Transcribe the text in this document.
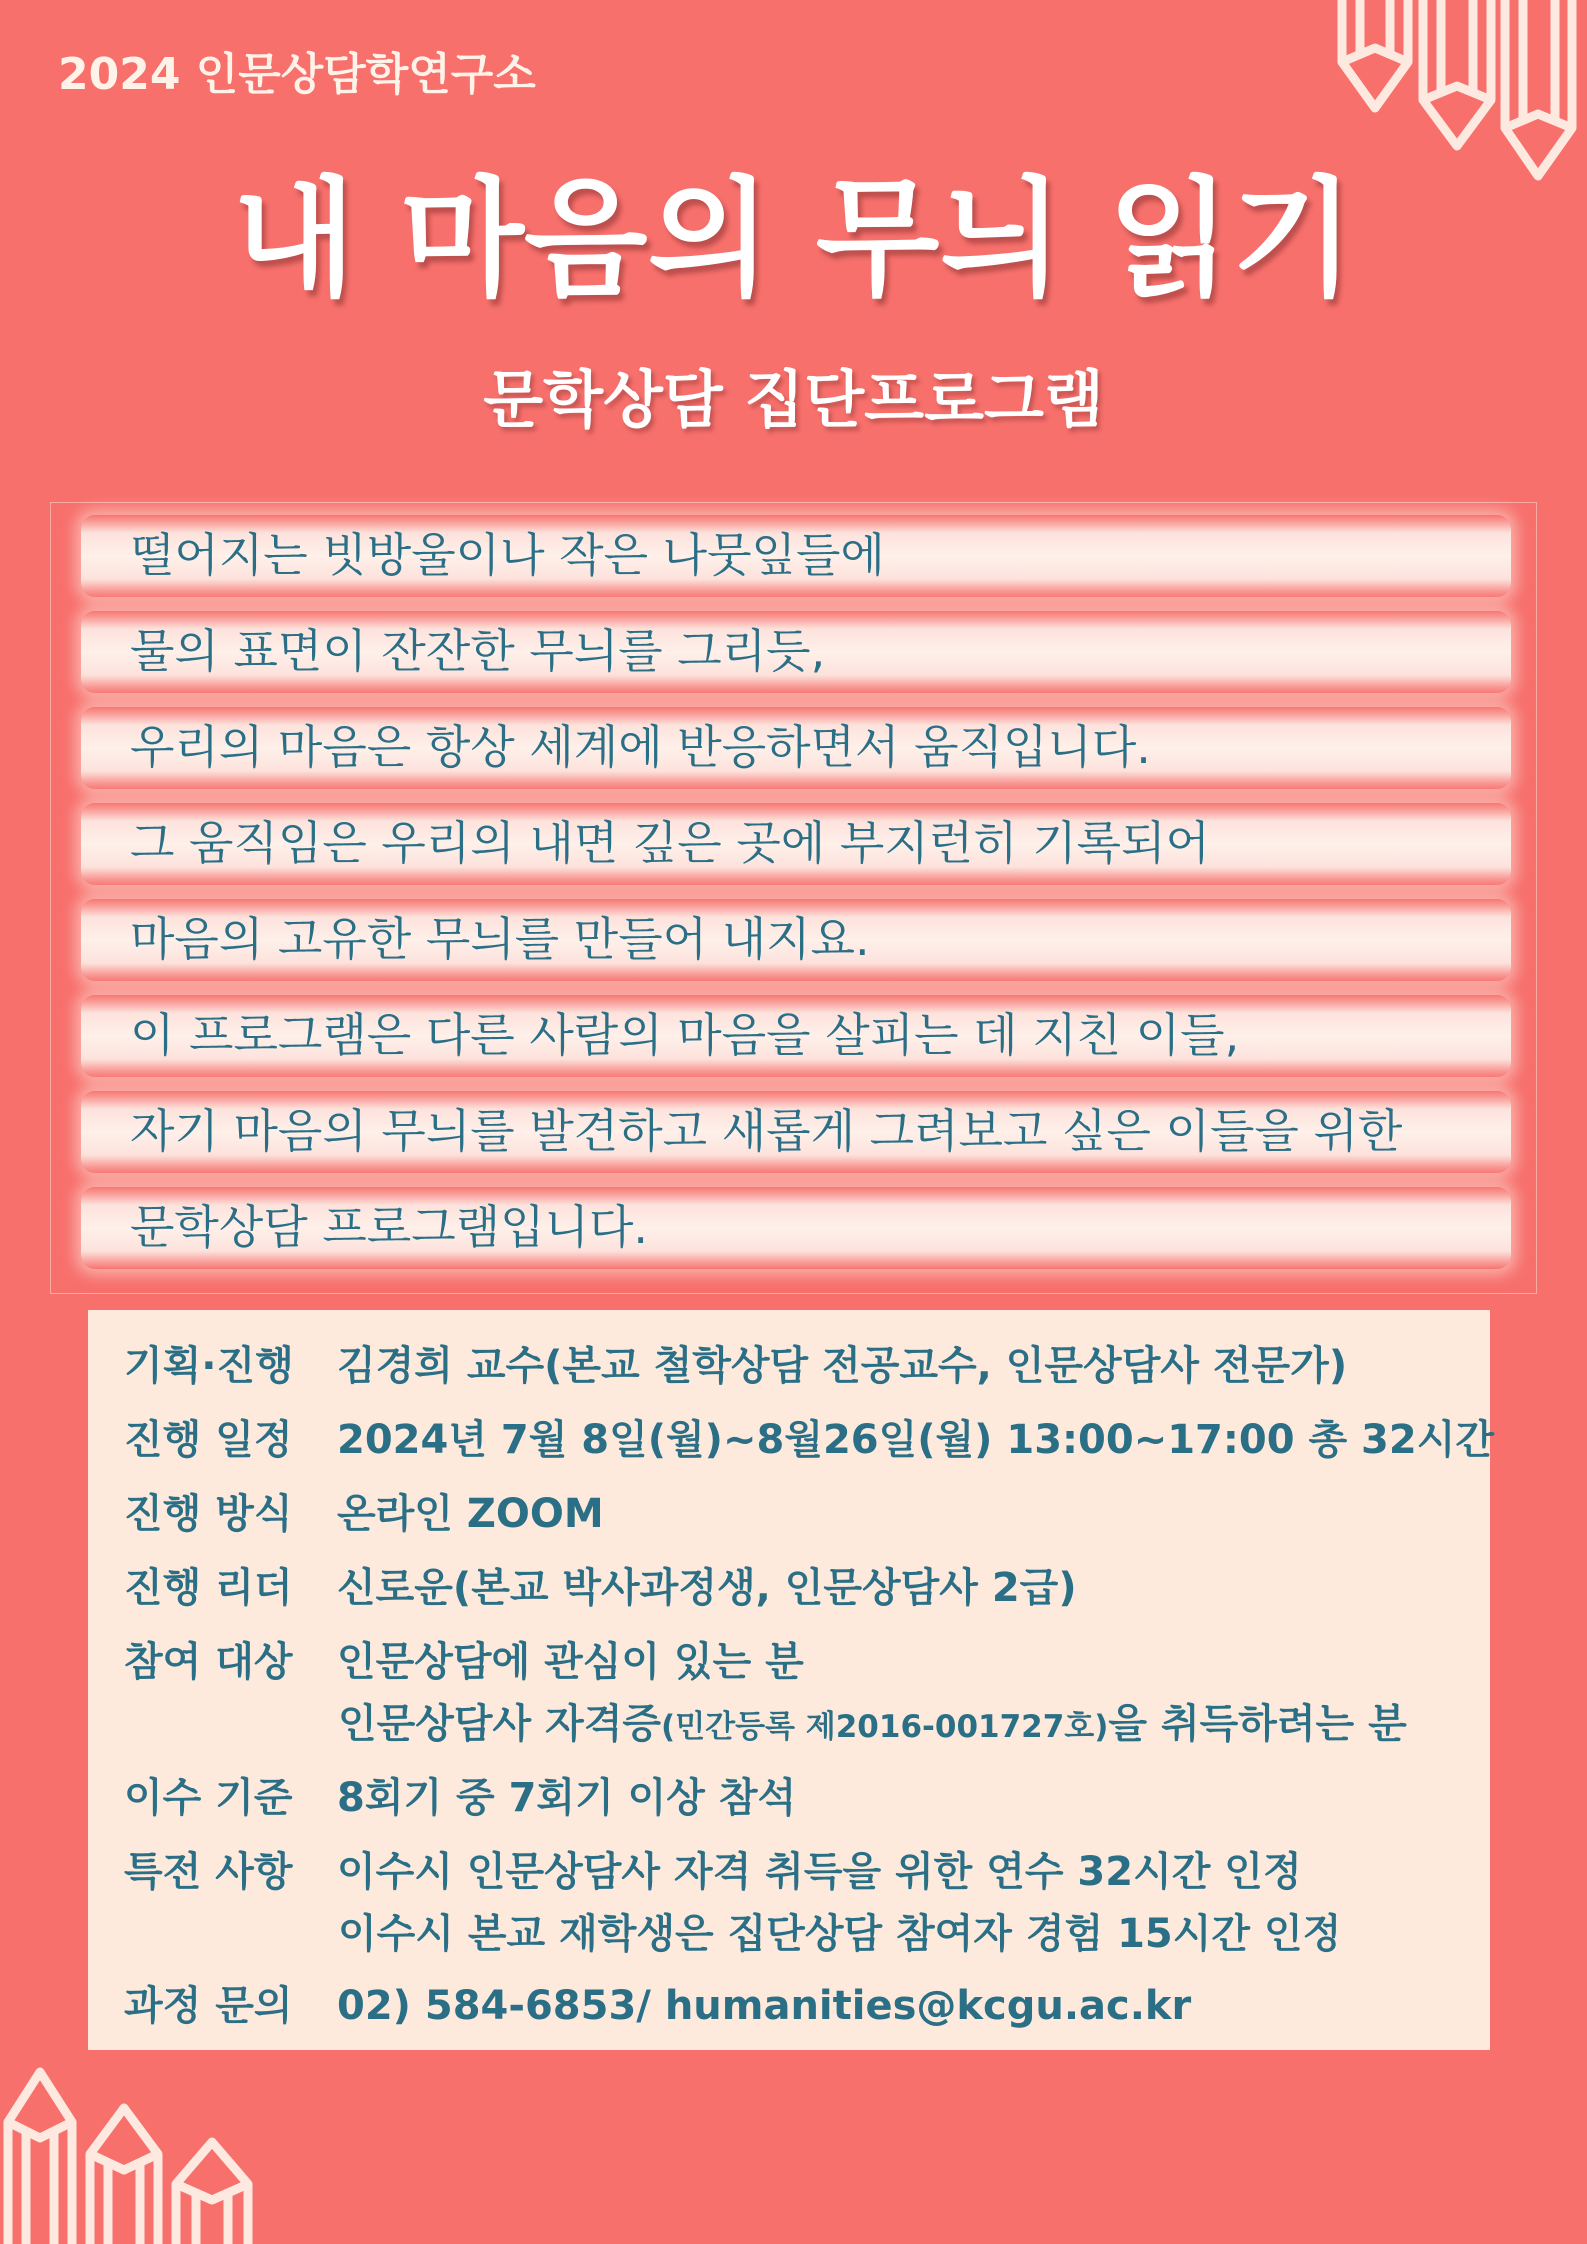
2024 인문상담학연구소
내 마음의 무늬 읽기
문학상담 집단프로그램
떨어지는 빗방울이나 작은 나뭇잎들에
물의 표면이 잔잔한 무늬를 그리듯,
우리의 마음은 항상 세계에 반응하면서 움직입니다.
그 움직임은 우리의 내면 깊은 곳에 부지런히 기록되어
마음의 고유한 무늬를 만들어 내지요.
이 프로그램은 다른 사람의 마음을 살피는 데 지친 이들,
자기 마음의 무늬를 발견하고 새롭게 그려보고 싶은 이들을 위한
문학상담 프로그램입니다.
기획·진행 김경희 교수(본교 철학상담 전공교수, 인문상담사 전문가)
진행 일정 2024년 7월 8일(월)~8월26일(월) 13:00~17:00 총 32시간
진행 방식 온라인 ZOOM
진행 리더 신로운(본교 박사과정생, 인문상담사 2급)
참여 대상 인문상담에 관심이 있는 분
인문상담사 자격증(민간등록 제2016-001727호)을 취득하려는 분
이수 기준 8회기 중 7회기 이상 참석
특전 사항 이수시 인문상담사 자격 취득을 위한 연수 32시간 인정
이수시 본교 재학생은 집단상담 참여자 경험 15시간 인정
과정 문의 02) 584-6853/ humanities@kcgu.ac.kr
